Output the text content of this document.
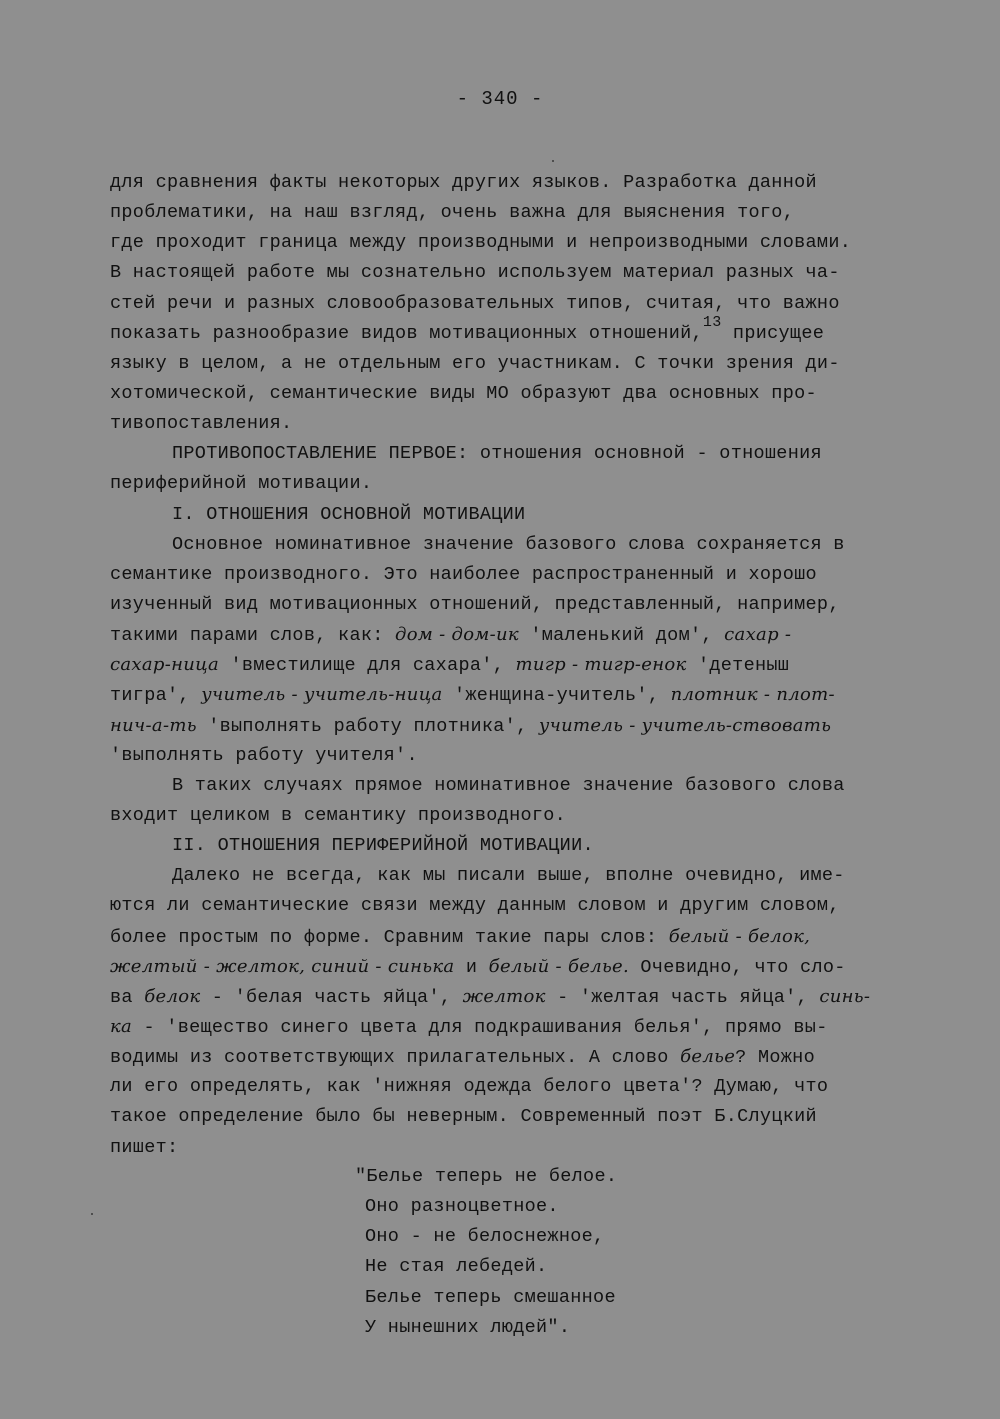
- 340 -
для сравнения факты некоторых других языков. Разработка данной
проблематики, на наш взгляд, очень важна для выяснения того,
где проходит граница между производными и непроизводными словами.
В настоящей работе мы сознательно используем материал разных ча-
стей речи и разных словообразовательных типов, считая, что важно
показать разнообразие видов мотивационных отношений,$^{13}$ присущее
языку в целом, а не отдельным его участникам. С точки зрения ди-
хотомической, семантические виды МО образуют два основных про-
тивопоставления.
ПРОТИВОПОСТАВЛЕНИЕ ПЕРВОЕ: отношения основной - отношения
периферийной мотивации.
I. ОТНОШЕНИЯ ОСНОВНОЙ МОТИВАЦИИ
Основное номинативное значение базового слова сохраняется в
семантике производного. Это наиболее распространенный и хорошо
изученный вид мотивационных отношений, представленный, например,
такими парами слов, как: дом - дом-ик 'маленький дом', сахар -
сахар-ница 'вместилище для сахара', тигр - тигр-енок 'детеныш
тигра', учитель - учитель-ница 'женщина-учитель', плотник - плот-
нич-а-ть 'выполнять работу плотника', учитель - учитель-ствовать
'выполнять работу учителя'.
В таких случаях прямое номинативное значение базового слова
входит целиком в семантику производного.
II. ОТНОШЕНИЯ ПЕРИФЕРИЙНОЙ МОТИВАЦИИ.
Далеко не всегда, как мы писали выше, вполне очевидно, име-
ются ли семантические связи между данным словом и другим словом,
более простым по форме. Сравним такие пары слов: белый - белок,
желтый - желток, синий - синька и белый - белье. Очевидно, что сло-
ва белок - 'белая часть яйца', желток - 'желтая часть яйца', синь-
ка - 'вещество синего цвета для подкрашивания белья', прямо вы-
водимы из соответствующих прилагательных. А слово белье? Можно
ли его определять, как 'нижняя одежда белого цвета'? Думаю, что
такое определение было бы неверным. Современный поэт Б.Слуцкий
пишет:
"Белье теперь не белое.
Оно разноцветное.
Оно - не белоснежное,
Не стая лебедей.
Белье теперь смешанное
У нынешних людей".
